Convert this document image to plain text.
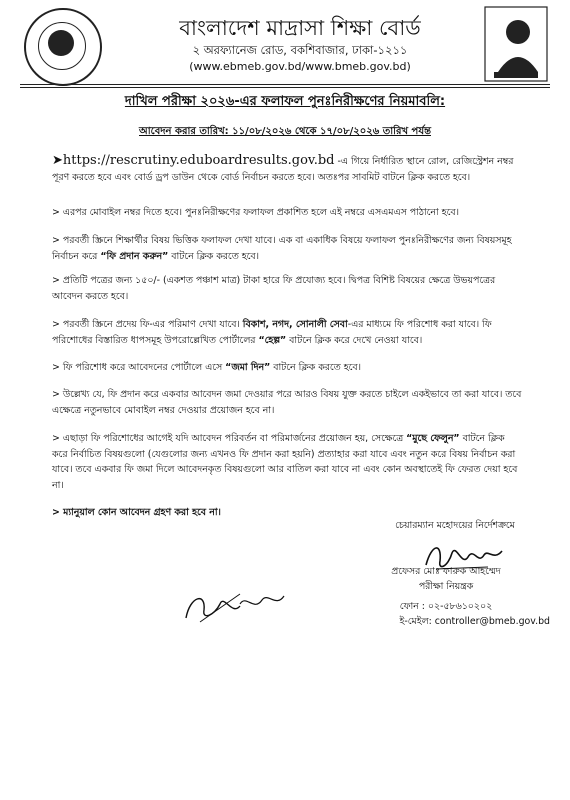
বাংলাদেশ মাদ্রাসা শিক্ষা বোর্ড
২ অরফ্যানেজ রোড, বকশিবাজার, ঢাকা-১২১১
(www.ebmeb.gov.bd/www.bmeb.gov.bd)
দাখিল পরীক্ষা ২০২৬-এর ফলাফল পুনঃনিরীক্ষণের নিয়মাবলি:
আবেদন করার তারিখ: ১১/০৮/২০২৬ থেকে ১৭/০৮/২০২৬ তারিখ পর্যন্ত
➤https://rescrutiny.eduboardresults.gov.bd -এ গিয়ে নির্ধারিত স্থানে রোল, রেজিস্ট্রেশন নম্বর পূরণ করতে হবে এবং বোর্ড ড্রপ ডাউন থেকে বোর্ড নির্বাচন করতে হবে। অতঃপর সাবমিট বাটনে ক্লিক করতে হবে।
> এরপর মোবাইল নম্বর দিতে হবে। পুনঃনিরীক্ষণের ফলাফল প্রকাশিত হলে এই নম্বরে এসএমএস পাঠানো হবে।
> পরবর্তী স্ক্রিনে শিক্ষার্থীর বিষয় ভিত্তিক ফলাফল দেখা যাবে। এক বা একাধিক বিষয়ে ফলাফল পুনঃনিরীক্ষণের জন্য বিষয়সমূহ নির্বাচন করে “ফি প্রদান করুন” বাটনে ক্লিক করতে হবে।
> প্রতিটি পত্রের জন্য ১৫০/- (একশত পঞ্চাশ মাত্র) টাকা হারে ফি প্রযোজ্য হবে। দ্বিপত্র বিশিষ্ট বিষয়ের ক্ষেত্রে উভয়পত্রের আবেদন করতে হবে।
> পরবর্তী স্ক্রিনে প্রদেয় ফি-এর পরিমাণ দেখা যাবে। বিকাশ, নগদ, সোনালী সেবা-এর মাধ্যমে ফি পরিশোধ করা যাবে। ফি পরিশোধের বিস্তারিত ধাপসমূহ উপরোল্লেখিত পোর্টালের “হেল্প” বাটনে ক্লিক করে দেখে নেওয়া যাবে।
> ফি পরিশোধ করে আবেদনের পোর্টালে এসে “জমা দিন” বাটনে ক্লিক করতে হবে।
> উল্লেখ্য যে, ফি প্রদান করে একবার আবেদন জমা দেওয়ার পরে আরও বিষয় যুক্ত করতে চাইলে একইভাবে তা করা যাবে। তবে এক্ষেত্রে নতুনভাবে মোবাইল নম্বর দেওয়ার প্রয়োজন হবে না।
> এছাড়া ফি পরিশোধের আগেই যদি আবেদন পরিবর্তন বা পরিমার্জনের প্রয়োজন হয়, সেক্ষেত্রে “মুছে ফেলুন” বাটনে ক্লিক করে নির্বাচিত বিষয়গুলো (যেগুলোর জন্য এখনও ফি প্রদান করা হয়নি) প্রত্যাহার করা যাবে এবং নতুন করে বিষয় নির্বাচন করা যাবে। তবে একবার ফি জমা দিলে আবেদনকৃত বিষয়গুলো আর বাতিল করা যাবে না এবং কোন অবস্থাতেই ফি ফেরত দেয়া হবে না।
> ম্যানুয়াল কোন আবেদন গ্রহণ করা হবে না।
চেয়ারম্যান মহোদয়ের নির্দেশক্রমে
প্রফেসর মোঃ ফারুক আহম্মেদ
পরীক্ষা নিয়ন্ত্রক
ফোন : ০২-৫৮৬১০২০২
ই-মেইল: controller@bmeb.gov.bd
